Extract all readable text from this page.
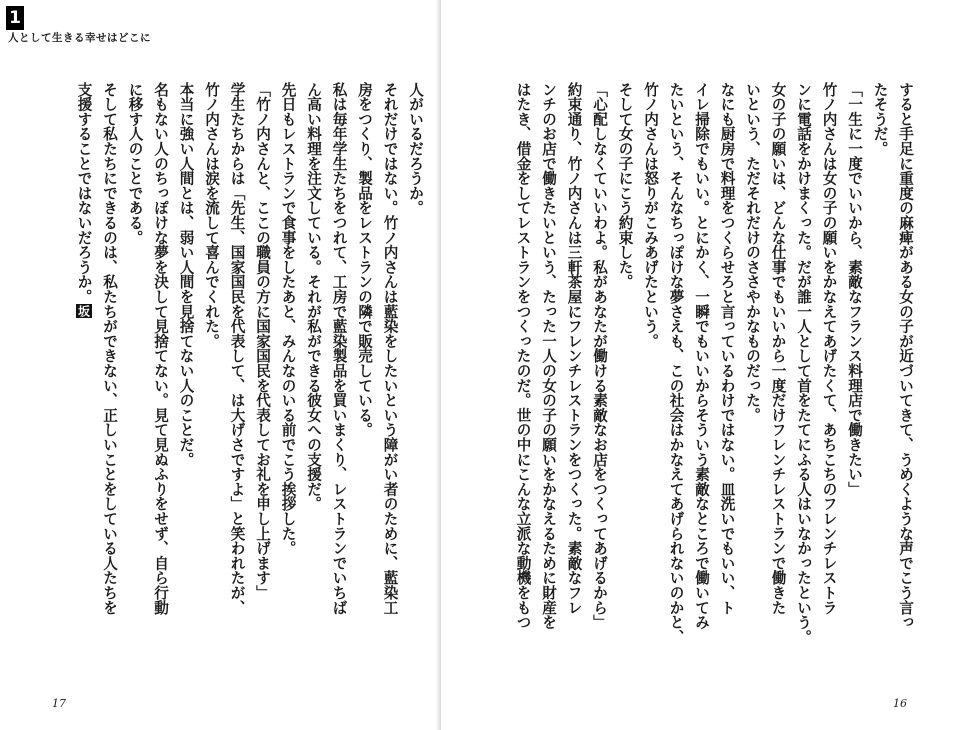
1
人として生きる幸せはどこに
人がいるだろうか。
それだけではない。竹ノ内さんは藍染をしたいという障がい者のために、藍染工
房をつくり、製品をレストランの隣で販売している。
私は毎年学生たちをつれて、工房で藍染製品を買いまくり、レストランでいちば
ん高い料理を注文している。それが私ができる彼女への支援だ。
先日もレストランで食事をしたあと、みんなのいる前でこう挨拶した。
「竹ノ内さんと、ここの職員の方に国家国民を代表してお礼を申し上げます」
学生たちからは「先生、国家国民を代表して、は大げさですよ」と笑われたが、
竹ノ内さんは涙を流して喜んでくれた。
本当に強い人間とは、弱い人間を見捨てない人のことだ。
名もない人のちっぽけな夢を決して見捨てない。見て見ぬふりをせず、自ら行動
に移す人のことである。
そして私たちにできるのは、私たちができない、正しいことをしている人たちを
支援することではないだろうか。坂
17
すると手足に重度の麻痺がある女の子が近づいてきて、うめくような声でこう言っ
たそうだ。
「一生に一度でいいから、素敵なフランス料理店で働きたい」
竹ノ内さんは女の子の願いをかなえてあげたくて、あちこちのフレンチレストラ
ンに電話をかけまくった。だが誰一人として首をたてにふる人はいなかったという。
女の子の願いは、どんな仕事でもいいから一度だけフレンチレストランで働きた
いという、ただそれだけのささやかなものだった。
なにも厨房で料理をつくらせろと言っているわけではない。皿洗いでもいい、ト
イレ掃除でもいい。とにかく、一瞬でもいいからそういう素敵なところで働いてみ
たいという、そんなちっぽけな夢さえも、この社会はかなえてあげられないのかと、
竹ノ内さんは怒りがこみあげたという。
そして女の子にこう約束した。
「心配しなくていいわよ。私があなたが働ける素敵なお店をつくってあげるから」
約束通り、竹ノ内さんは三軒茶屋にフレンチレストランをつくった。素敵なフレ
ンチのお店で働きたいという、たった一人の女の子の願いをかなえるために財産を
はたき、借金をしてレストランをつくったのだ。世の中にこんな立派な動機をもつ
16
